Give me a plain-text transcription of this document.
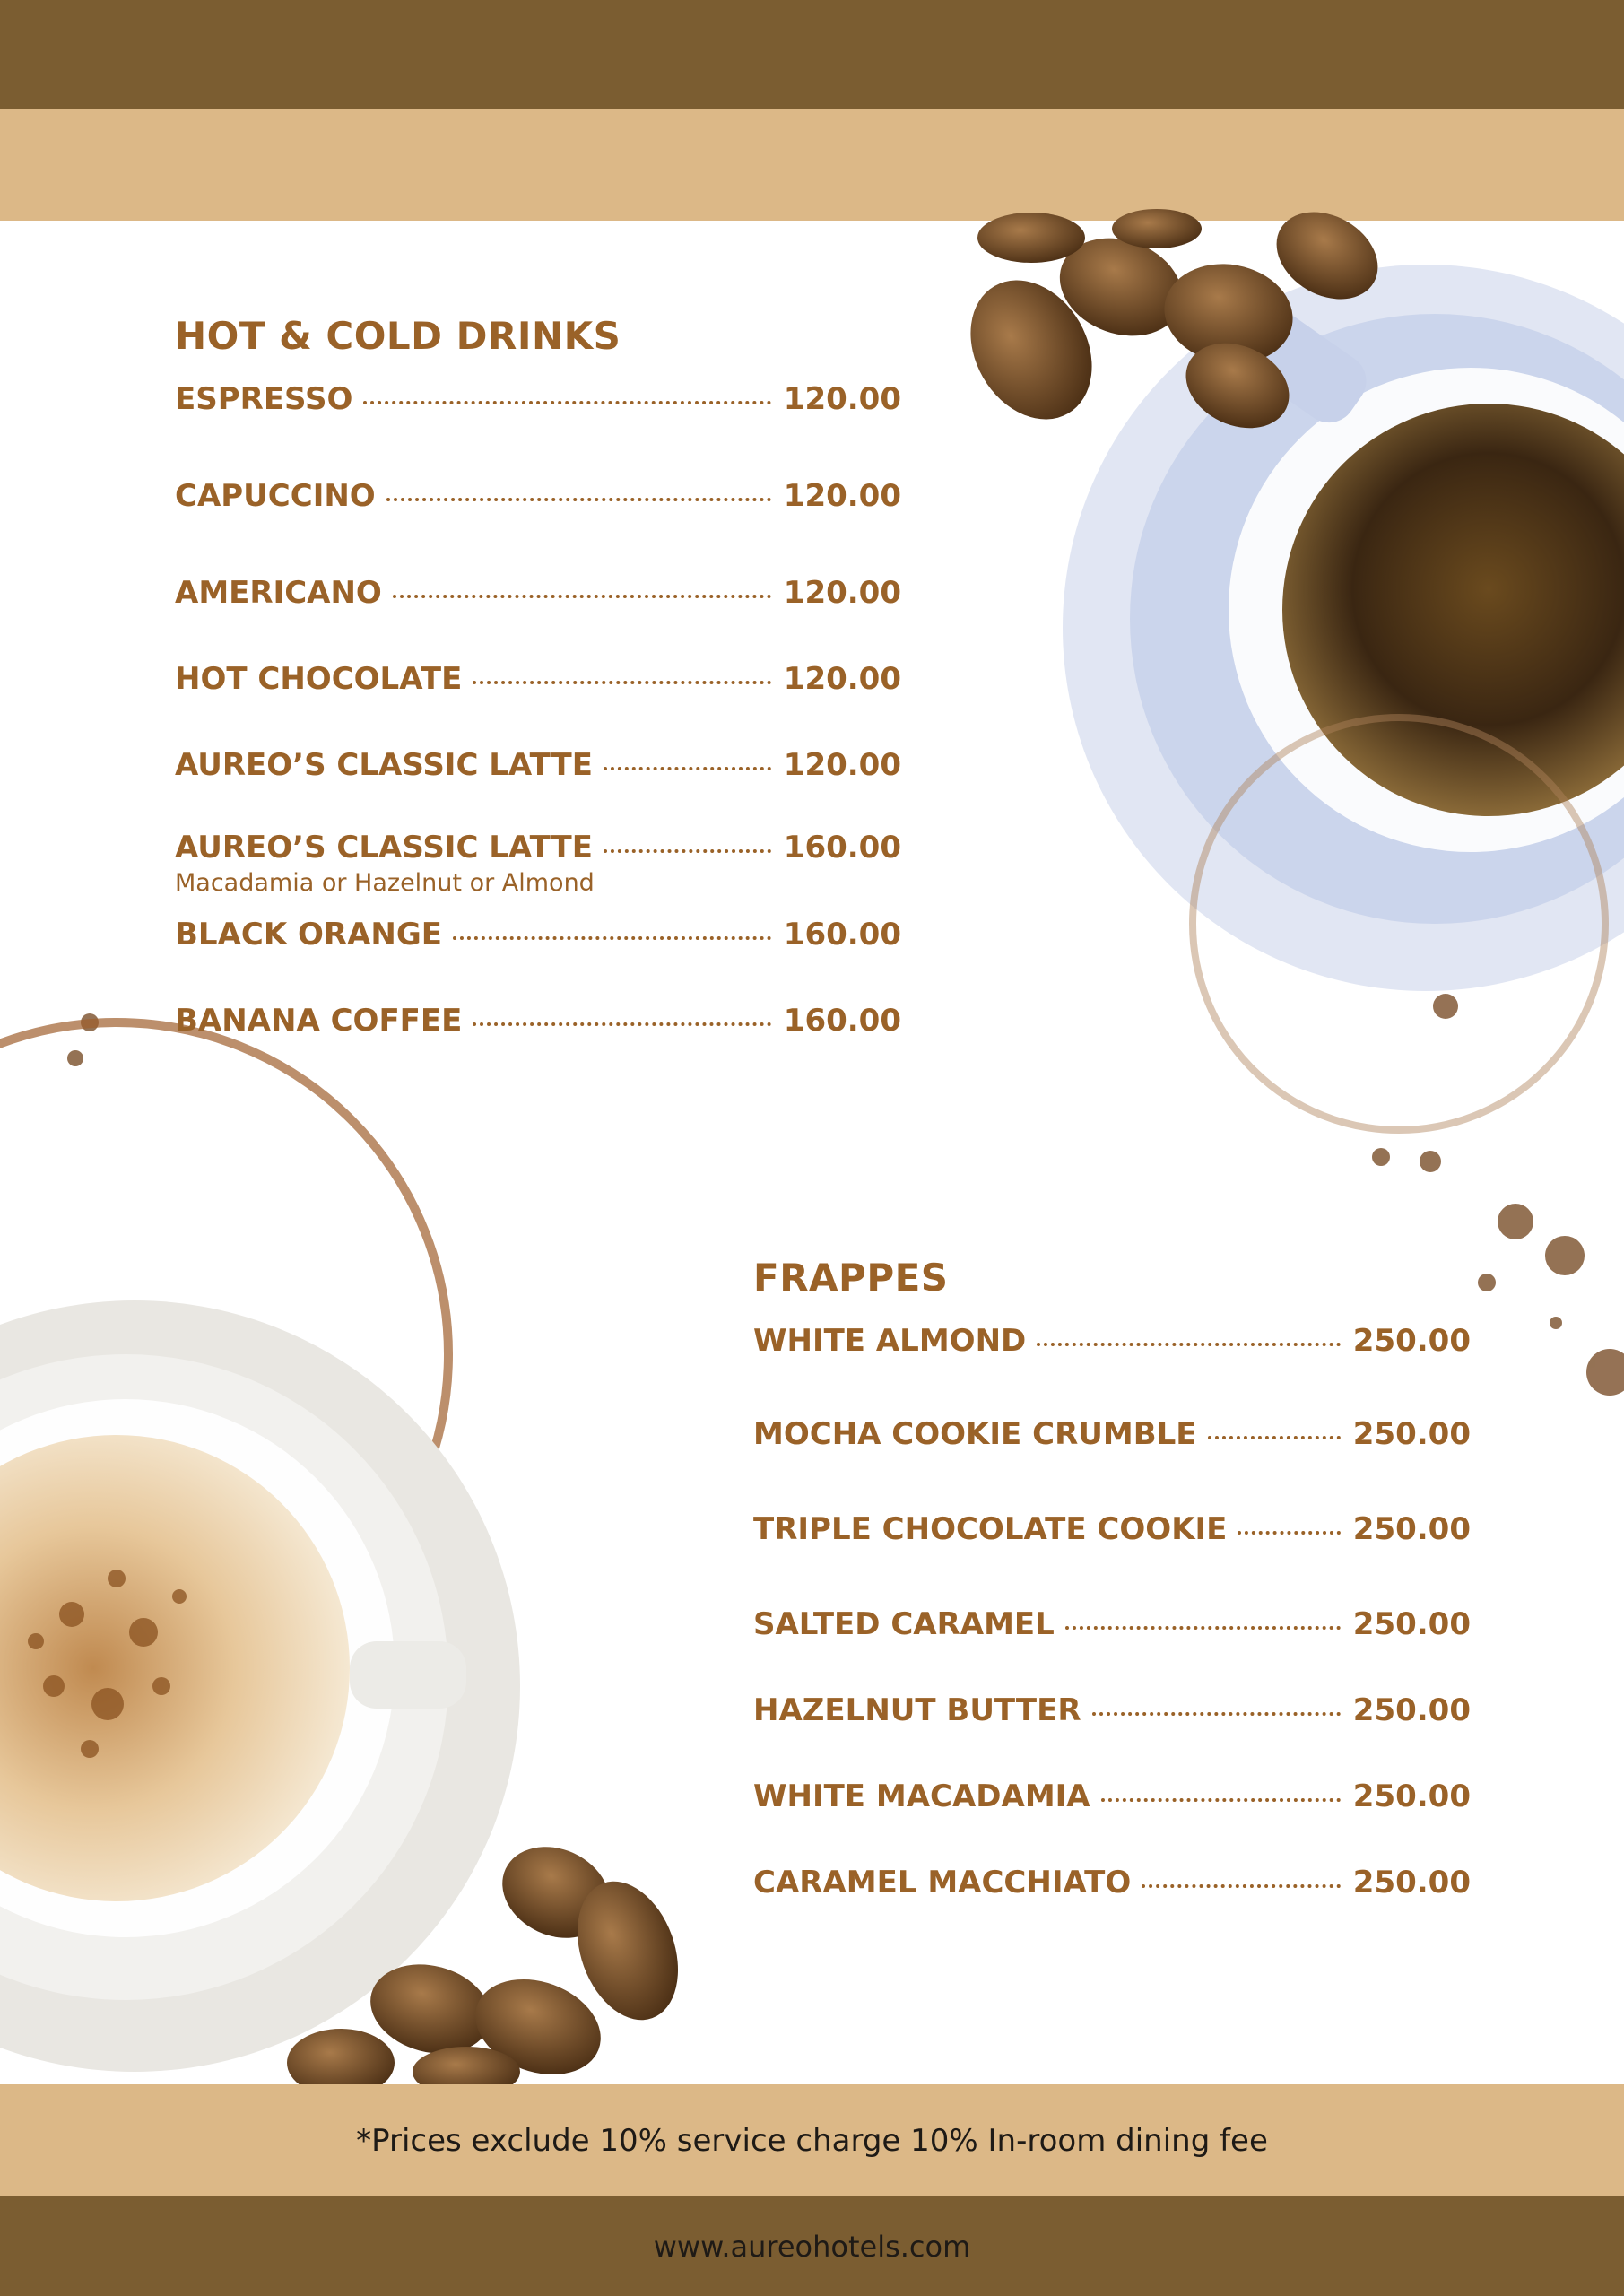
HOT & COLD DRINKS
ESPRESSO	120.00
CAPUCCINO	120.00
AMERICANO	120.00
HOT CHOCOLATE	120.00
AUREO’S CLASSIC LATTE	120.00
AUREO’S CLASSIC LATTE	160.00
Macadamia or Hazelnut or Almond
BLACK ORANGE	160.00
BANANA COFFEE	160.00
FRAPPES
WHITE ALMOND	250.00
MOCHA COOKIE CRUMBLE	250.00
TRIPLE CHOCOLATE COOKIE	250.00
SALTED CARAMEL	250.00
HAZELNUT BUTTER	250.00
WHITE MACADAMIA	250.00
CARAMEL MACCHIATO	250.00
*Prices exclude 10% service charge 10% In-room dining fee
www.aureohotels.com
